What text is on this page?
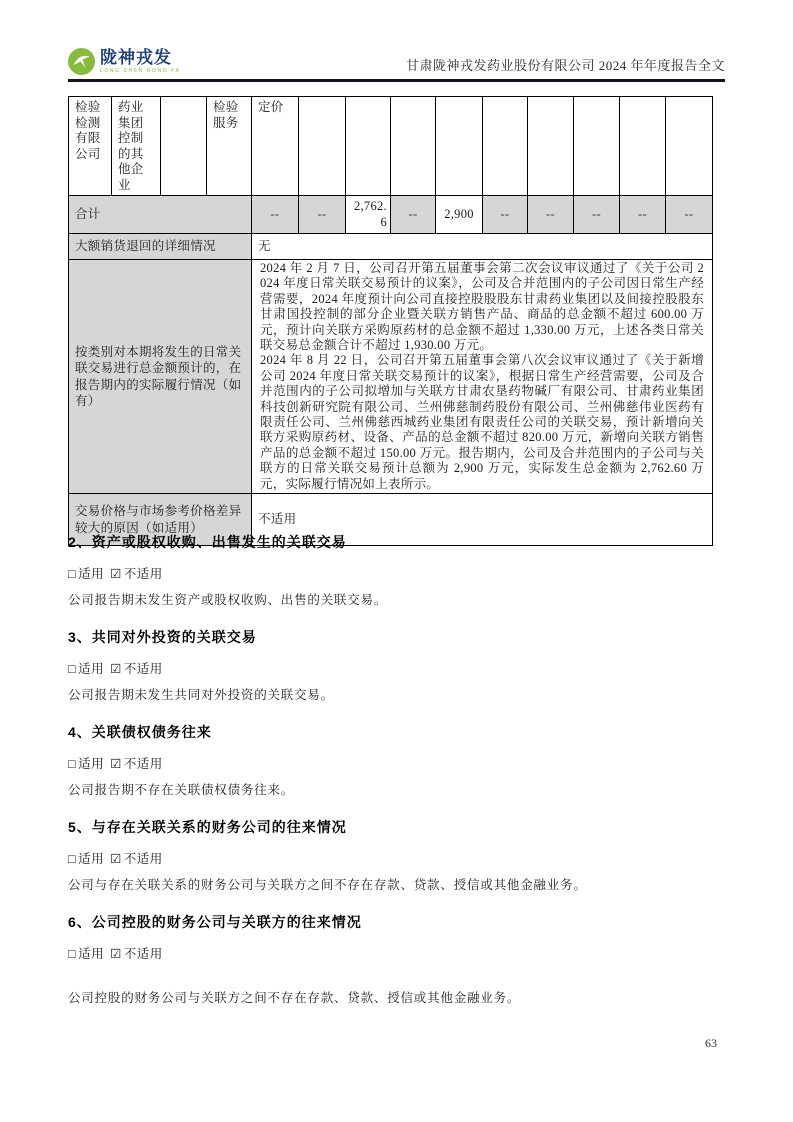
陇神戎发
LONG SHEN RONG FA	甘肃陇神戎发药业股份有限公司 2024 年年度报告全文
检验检测有限公司	药业集团控制的其他企业		检验服务	定价									
合计				--	--	2,762.6	--	2,900	--	--	--	--	--
大额销货退回的详细情况				无									
按类别对本期将发生的日常关联交易进行总金额预计的，在报告期内的实际履行情况（如有）				2024 年 2 月 7 日，公司召开第五届董事会第二次会议审议通过了《关于公司 2024 年度日常关联交易预计的议案》，公司及合并范围内的子公司因日常生产经营需要，2024 年度预计向公司直接控股股股东甘肃药业集团以及间接控股股东甘肃国投控制的部分企业暨关联方销售产品、商品的总金额不超过 600.00 万元，预计向关联方采购原药材的总金额不超过 1,330.00 万元，上述各类日常关联交易总金额合计不超过 1,930.00 万元。
2024 年 8 月 22 日，公司召开第五届董事会第八次会议审议通过了《关于新增公司 2024 年度日常关联交易预计的议案》，根据日常生产经营需要，公司及合并范围内的子公司拟增加与关联方甘肃农垦药物碱厂有限公司、甘肃药业集团科技创新研究院有限公司、兰州佛慈制药股份有限公司、兰州佛慈伟业医药有限责任公司、兰州佛慈西城药业集团有限责任公司的关联交易，预计新增向关联方采购原药材、设备、产品的总金额不超过 820.00 万元，新增向关联方销售产品的总金额不超过 150.00 万元。报告期内，公司及合并范围内的子公司与关联方的日常关联交易预计总额为 2,900 万元，实际发生总金额为 2,762.60 万元，实际履行情况如上表所示。									
交易价格与市场参考价格差异较大的原因（如适用）				不适用									
2、资产或股权收购、出售发生的关联交易
□ 适用 ☑ 不适用
公司报告期未发生资产或股权收购、出售的关联交易。
3、共同对外投资的关联交易
□ 适用 ☑ 不适用
公司报告期未发生共同对外投资的关联交易。
4、关联债权债务往来
□ 适用 ☑ 不适用
公司报告期不存在关联债权债务往来。
5、与存在关联关系的财务公司的往来情况
□ 适用 ☑ 不适用
公司与存在关联关系的财务公司与关联方之间不存在存款、贷款、授信或其他金融业务。
6、公司控股的财务公司与关联方的往来情况
□ 适用 ☑ 不适用
公司控股的财务公司与关联方之间不存在存款、贷款、授信或其他金融业务。
63
